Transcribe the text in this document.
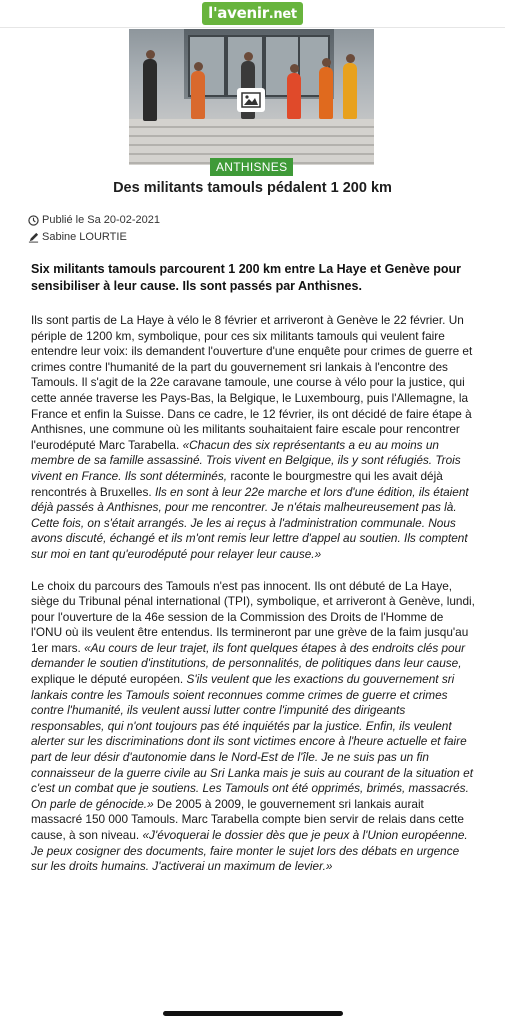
l'avenir.net
ANTHISNES
Des militants tamouls pédalent 1 200 km
Publié le Sa 20-02-2021
Sabine LOURTIE
Six militants tamouls parcourent 1 200 km entre La Haye et Genève pour sensibiliser à leur cause. Ils sont passés par Anthisnes.

Ils sont partis de La Haye à vélo le 8 février et arriveront à Genève le 22 février. Un périple de 1200 km, symbolique, pour ces six militants tamouls qui veulent faire entendre leur voix: ils demandent l'ouverture d'une enquête pour crimes de guerre et crimes contre l'humanité de la part du gouvernement sri lankais à l'encontre des Tamouls. Il s'agit de la 22e caravane tamoule, une course à vélo pour la justice, qui cette année traverse les Pays-Bas, la Belgique, le Luxembourg, puis l'Allemagne, la France et enfin la Suisse. Dans ce cadre, le 12 février, ils ont décidé de faire étape à Anthisnes, une commune où les militants souhaitaient faire escale pour rencontrer l'eurodéputé Marc Tarabella. «Chacun des six représentants a eu au moins un membre de sa famille assassiné. Trois vivent en Belgique, ils y sont réfugiés. Trois vivent en France. Ils sont déterminés, raconte le bourgmestre qui les avait déjà rencontrés à Bruxelles. Ils en sont à leur 22e marche et lors d'une édition, ils étaient déjà passés à Anthisnes, pour me rencontrer. Je n'étais malheureusement pas là. Cette fois, on s'était arrangés. Je les ai reçus à l'administration communale. Nous avons discuté, échangé et ils m'ont remis leur lettre d'appel au soutien. Ils comptent sur moi en tant qu'eurodéputé pour relayer leur cause.»

Le choix du parcours des Tamouls n'est pas innocent. Ils ont débuté de La Haye, siège du Tribunal pénal international (TPI), symbolique, et arriveront à Genève, lundi, pour l'ouverture de la 46e session de la Commission des Droits de l'Homme de l'ONU où ils veulent être entendus. Ils termineront par une grève de la faim jusqu'au 1er mars. «Au cours de leur trajet, ils font quelques étapes à des endroits clés pour demander le soutien d'institutions, de personnalités, de politiques dans leur cause, explique le député européen. S'ils veulent que les exactions du gouvernement sri lankais contre les Tamouls soient reconnues comme crimes de guerre et crimes contre l'humanité, ils veulent aussi lutter contre l'impunité des dirigeants responsables, qui n'ont toujours pas été inquiétés par la justice. Enfin, ils veulent alerter sur les discriminations dont ils sont victimes encore à l'heure actuelle et faire part de leur désir d'autonomie dans le Nord-Est de l'île. Je ne suis pas un fin connaisseur de la guerre civile au Sri Lanka mais je suis au courant de la situation et c'est un combat que je soutiens. Les Tamouls ont été opprimés, brimés, massacrés. On parle de génocide.» De 2005 à 2009, le gouvernement sri lankais aurait massacré 150 000 Tamouls. Marc Tarabella compte bien servir de relais dans cette cause, à son niveau. «J'évoquerai le dossier dès que je peux à l'Union européenne. Je peux cosigner des documents, faire monter le sujet lors des débats en urgence sur les droits humains. J'activerai un maximum de levier.»
